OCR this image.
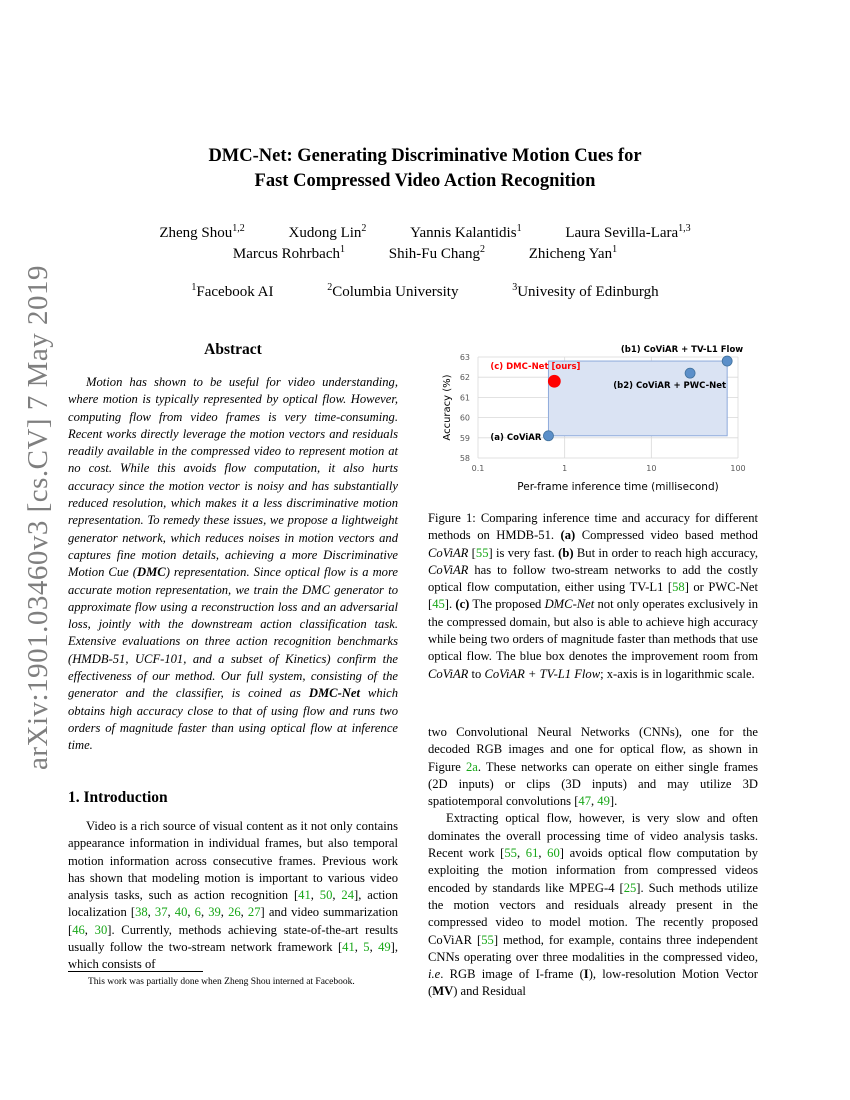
DMC-Net: Generating Discriminative Motion Cues for
Fast Compressed Video Action Recognition
Zheng Shou$^{1,2}$	Xudong Lin$^2$	Yannis Kalantidis$^1$	Laura Sevilla-Lara$^{1,3}$
Marcus Rohrbach$^1$	Shih-Fu Chang$^2$	Zhicheng Yan$^1$
$^1$Facebook AI	$^2$Columbia University	$^3$Univesity of Edinburgh
arXiv:1901.03460v3 [cs.CV] 7 May 2019	Abstract
Motion has shown to be useful for video understanding, where motion is typically represented by optical flow. However, computing flow from video frames is very time-consuming. Recent works directly leverage the motion vectors and residuals readily available in the compressed video to represent motion at no cost. While this avoids flow computation, it also hurts accuracy since the motion vector is noisy and has substantially reduced resolution, which makes it a less discriminative motion representation. To remedy these issues, we propose a lightweight generator network, which reduces noises in motion vectors and captures fine motion details, achieving a more Discriminative Motion Cue (DMC) representation. Since optical flow is a more accurate motion representation, we train the DMC generator to approximate flow using a reconstruction loss and an adversarial loss, jointly with the downstream action classification task. Extensive evaluations on three action recognition benchmarks (HMDB-51, UCF-101, and a subset of Kinetics) confirm the effectiveness of our method. Our full system, consisting of the generator and the classifier, is coined as DMC-Net which obtains high accuracy close to that of using flow and runs two orders of magnitude faster than using optical flow at inference time.
1. Introduction
Video is a rich source of visual content as it not only contains appearance information in individual frames, but also temporal motion information across consecutive frames. Previous work has shown that modeling motion is important to various video analysis tasks, such as action recognition [41, 50, 24], action localization [38, 37, 40, 6, 39, 26, 27] and video summarization [46, 30]. Currently, methods achieving state-of-the-art results usually follow the two-stream network framework [41, 5, 49], which consists of
This work was partially done when Zheng Shou interned at Facebook.
58
59
60
61
62
63
0.1	1	10	100
(a) CoViAR
(b1) CoViAR + TV-L1 Flow
(b2) CoViAR + PWC-Net
(c) DMC-Net [ours]
Accuracy (%)
Per-frame inference time (millisecond)
Figure 1: Comparing inference time and accuracy for different methods on HMDB-51. (a) Compressed video based method CoViAR [55] is very fast. (b) But in order to reach high accuracy, CoViAR has to follow two-stream networks to add the costly optical flow computation, either using TV-L1 [58] or PWC-Net [45]. (c) The proposed DMC-Net not only operates exclusively in the compressed domain, but also is able to achieve high accuracy while being two orders of magnitude faster than methods that use optical flow. The blue box denotes the improvement room from CoViAR to CoViAR + TV-L1 Flow; x-axis is in logarithmic scale.

two Convolutional Neural Networks (CNNs), one for the decoded RGB images and one for optical flow, as shown in Figure 2a. These networks can operate on either single frames (2D inputs) or clips (3D inputs) and may utilize 3D spatiotemporal convolutions [47, 49].

Extracting optical flow, however, is very slow and often dominates the overall processing time of video analysis tasks. Recent work [55, 61, 60] avoids optical flow computation by exploiting the motion information from compressed videos encoded by standards like MPEG-4 [25]. Such methods utilize the motion vectors and residuals already present in the compressed video to model motion. The recently proposed CoViAR [55] method, for example, contains three independent CNNs operating over three modalities in the compressed video, i.e. RGB image of I-frame (I), low-resolution Motion Vector (MV) and Residual
